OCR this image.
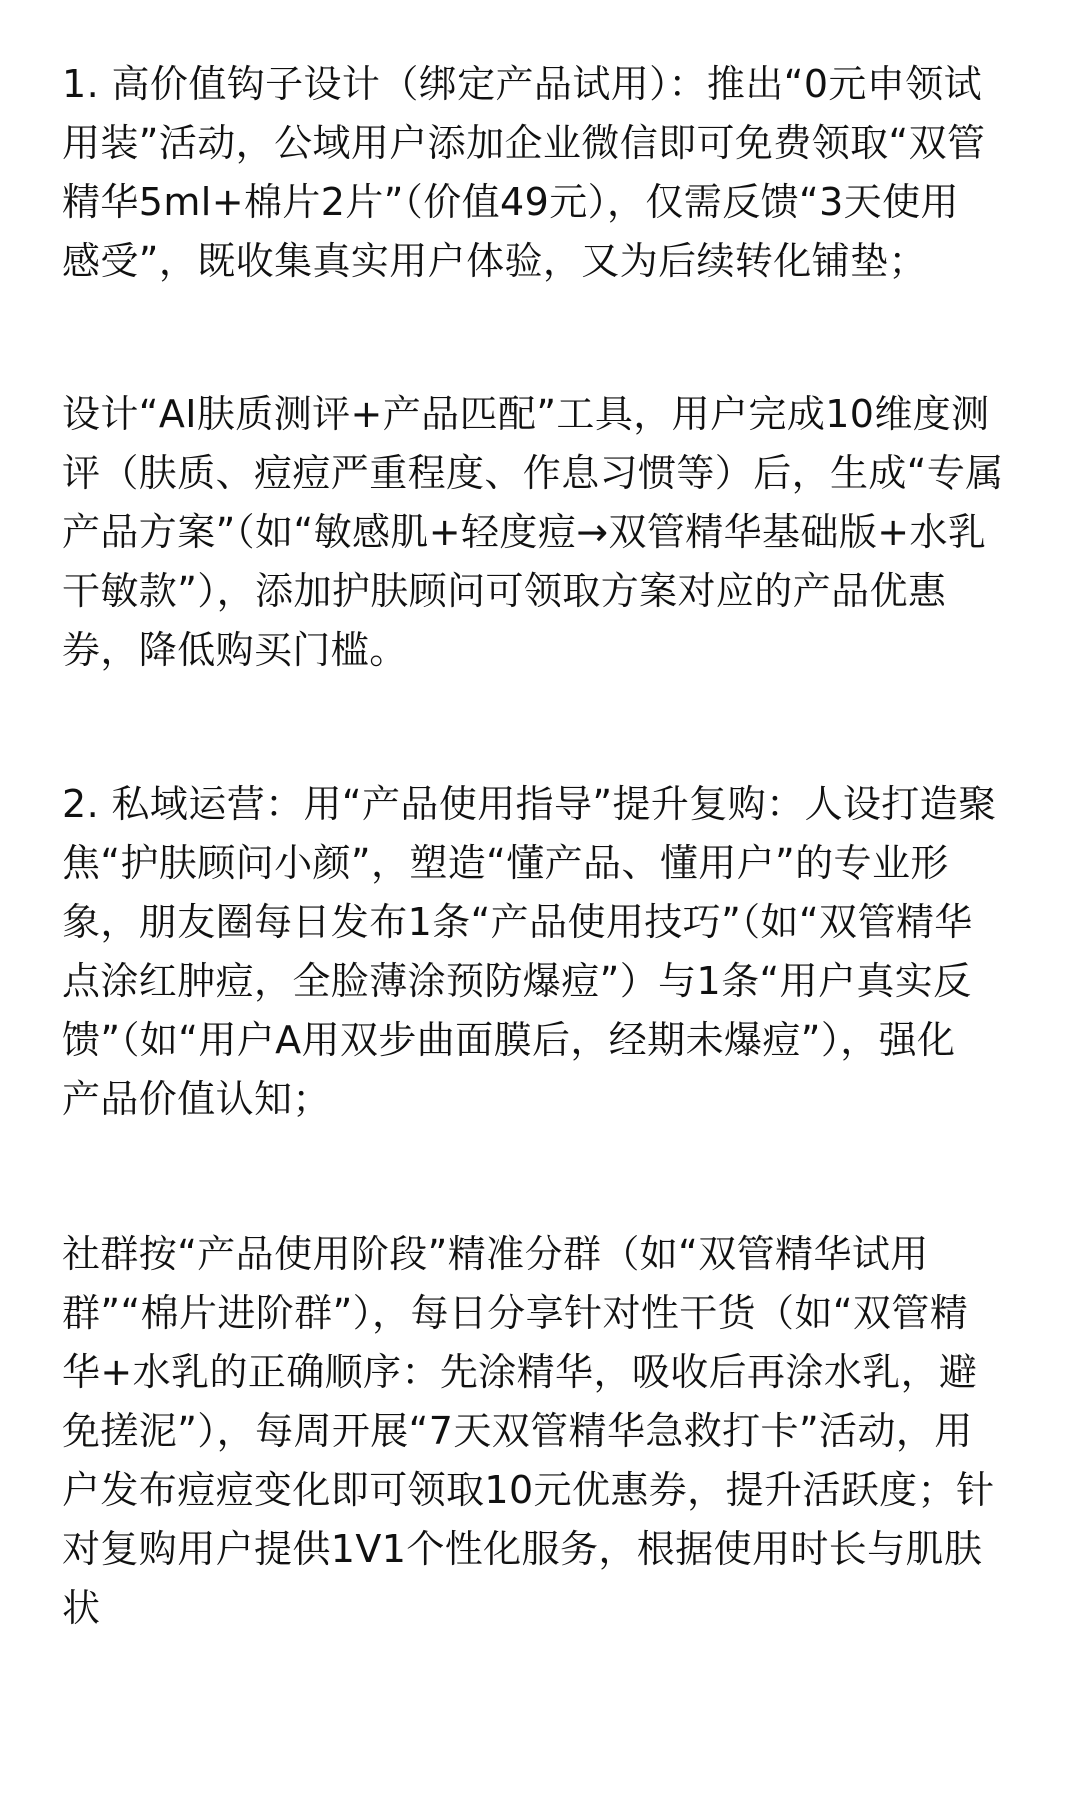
1. 高价值钩子设计（绑定产品试用）：推出“0元申领试
用装”活动，公域用户添加企业微信即可免费领取“双管
精华5ml+棉片2片”（价值49元），仅需反馈“3天使用
感受”，既收集真实用户体验，又为后续转化铺垫；
设计“AI肤质测评+产品匹配”工具，用户完成10维度测
评（肤质、痘痘严重程度、作息习惯等）后，生成“专属
产品方案”（如“敏感肌+轻度痘→双管精华基础版+水乳
干敏款”），添加护肤顾问可领取方案对应的产品优惠
券，降低购买门槛。
2. 私域运营：用“产品使用指导”提升复购：人设打造聚
焦“护肤顾问小颜”，塑造“懂产品、懂用户”的专业形
象，朋友圈每日发布1条“产品使用技巧”（如“双管精华
点涂红肿痘，全脸薄涂预防爆痘”）与1条“用户真实反
馈”（如“用户A用双步曲面膜后，经期未爆痘”），强化
产品价值认知；
社群按“产品使用阶段”精准分群（如“双管精华试用
群”“棉片进阶群”），每日分享针对性干货（如“双管精
华+水乳的正确顺序：先涂精华，吸收后再涂水乳，避
免搓泥”），每周开展“7天双管精华急救打卡”活动，用
户发布痘痘变化即可领取10元优惠券，提升活跃度；针
对复购用户提供1V1个性化服务，根据使用时长与肌肤
状
